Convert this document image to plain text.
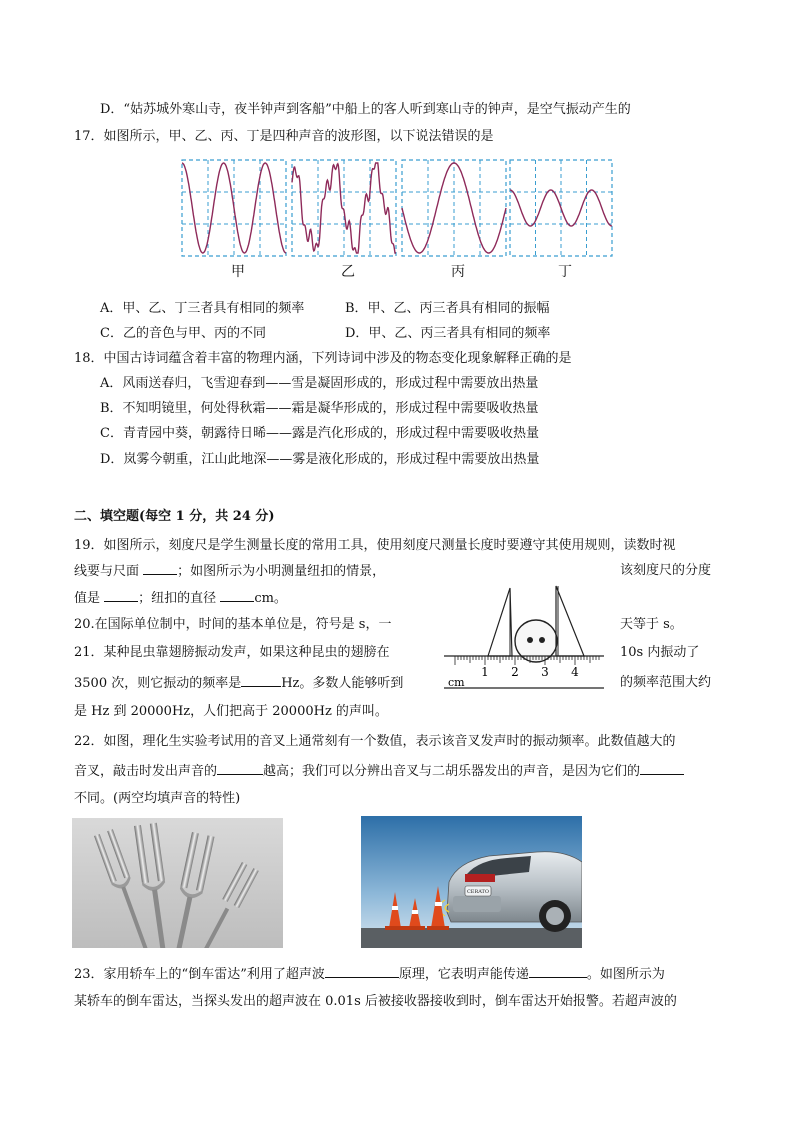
D．“姑苏城外寒山寺，夜半钟声到客船”中船上的客人听到寒山寺的钟声，是空气振动产生的
17．如图所示，甲、乙、丙、丁是四种声音的波形图，以下说法错误的是
甲	乙	丙	丁
A．甲、乙、丁三者具有相同的频率	B．甲、乙、丙三者具有相同的振幅
C．乙的音色与甲、丙的不同	D．甲、乙、丙三者具有相同的频率
18．中国古诗词蕴含着丰富的物理内涵，下列诗词中涉及的物态变化现象解释正确的是
A．风雨送春归，飞雪迎春到——雪是凝固形成的，形成过程中需要放出热量
B．不知明镜里，何处得秋霜——霜是凝华形成的，形成过程中需要吸收热量
C．青青园中葵，朝露待日晞——露是汽化形成的，形成过程中需要吸收热量
D．岚雾今朝重，江山此地深——雾是液化形成的，形成过程中需要放出热量
二、填空题(每空 1 分，共 24 分)
19．如图所示，刻度尺是学生测量长度的常用工具，使用刻度尺测量长度时要遵守其使用规则，读数时视
线要与尺面	；如图所示为小明测量纽扣的情景，	该刻度尺的分度
值是	；纽扣的直径	cm。
20.在国际单位制中，时间的基本单位是，符号是 s，一	天等于 s。
1 2 3 4
cm
21．某种昆虫靠翅膀振动发声，如果这种昆虫的翅膀在	10s 内振动了
3500 次，则它振动的频率是	Hz。多数人能够听到	的频率范围大约
是 Hz 到 20000Hz，人们把高于 20000Hz 的声叫。
22．如图，理化生实验考试用的音叉上通常刻有一个数值，表示该音叉发声时的振动频率。此数值越大的
音叉，敲击时发出声音的	越高；我们可以分辨出音叉与二胡乐器发出的声音，是因为它们的
不同。(两空均填声音的特性)
CERATO
23．家用轿车上的“倒车雷达”利用了超声波	原理，它表明声能传递	。如图所示为
某轿车的倒车雷达，当探头发出的超声波在 0.01s 后被接收器接收到时，倒车雷达开始报警。若超声波的
